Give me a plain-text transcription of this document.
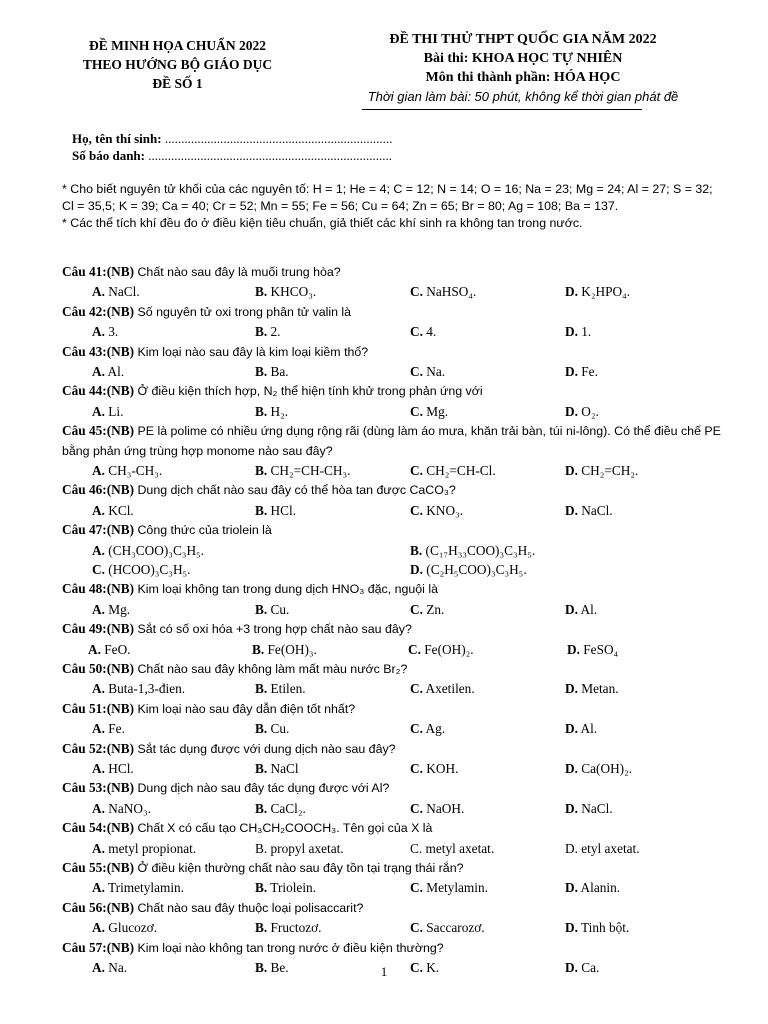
ĐỀ MINH HỌA CHUẨN 2022
THEO HƯỚNG BỘ GIÁO DỤC
ĐỀ SỐ 1
ĐỀ THI THỬ THPT QUỐC GIA NĂM 2022
Bài thi: KHOA HỌC TỰ NHIÊN
Môn thi thành phần: HÓA HỌC
Thời gian làm bài: 50 phút, không kể thời gian phát đề
Họ, tên thí sinh: ......................................................................
Số báo danh: ...........................................................................
* Cho biết nguyên tử khối của các nguyên tố: H = 1; He = 4; C = 12; N = 14; O = 16; Na = 23; Mg = 24; Al = 27; S = 32; Cl = 35,5; K = 39; Ca = 40; Cr = 52; Mn = 55; Fe = 56; Cu = 64; Zn = 65; Br = 80; Ag = 108; Ba = 137.
* Các thể tích khí đều đo ở điều kiện tiêu chuẩn, giả thiết các khí sinh ra không tan trong nước.
Câu 41:(NB) Chất nào sau đây là muối trung hòa?
A. NaCl.	B. KHCO₃.	C. NaHSO₄.	D. K₂HPO₄.
Câu 42:(NB) Số nguyên tử oxi trong phân tử valin là
A. 3.	B. 2.	C. 4.	D. 1.
Câu 43:(NB) Kim loại nào sau đây là kim loại kiềm thổ?
A. Al.	B. Ba.	C. Na.	D. Fe.
Câu 44:(NB) Ở điều kiện thích hợp, N₂ thể hiện tính khử trong phản ứng với
A. Li.	B. H₂.	C. Mg.	D. O₂.
Câu 45:(NB) PE là polime có nhiều ứng dụng rộng rãi (dùng làm áo mưa, khăn trải bàn, túi ni-lông). Có thể điều chế PE bằng phản ứng trùng hợp monome nào sau đây?
A. CH₃-CH₃.	B. CH₂=CH-CH₃.	C. CH₂=CH-Cl.	D. CH₂=CH₂.
Câu 46:(NB) Dung dịch chất nào sau đây có thể hòa tan được CaCO₃?
A. KCl.	B. HCl.	C. KNO₃.	D. NaCl.
Câu 47:(NB) Công thức của triolein là
A. (CH₃COO)₃C₃H₅.	B. (C₁₇H₃₃COO)₃C₃H₅.
C. (HCOO)₃C₃H₅.	D. (C₂H₅COO)₃C₃H₅.
Câu 48:(NB) Kim loại không tan trong dung dịch HNO₃ đặc, nguội là
A. Mg.	B. Cu.	C. Zn.	D. Al.
Câu 49:(NB) Sắt có số oxi hóa +3 trong hợp chất nào sau đây?
A. FeO.	B. Fe(OH)₃.	C. Fe(OH)₂.	D. FeSO₄
Câu 50:(NB) Chất nào sau đây không làm mất màu nước Br₂?
A. Buta-1,3-đien.	B. Etilen.	C. Axetilen.	D. Metan.
Câu 51:(NB) Kim loại nào sau đây dẫn điện tốt nhất?
A. Fe.	B. Cu.	C. Ag.	D. Al.
Câu 52:(NB) Sắt tác dụng được với dung dịch nào sau đây?
A. HCl.	B. NaCl	C. KOH.	D. Ca(OH)₂.
Câu 53:(NB) Dung dịch nào sau đây tác dụng được với Al?
A. NaNO₃.	B. CaCl₂.	C. NaOH.	D. NaCl.
Câu 54:(NB) Chất X có cấu tạo CH₃CH₂COOCH₃. Tên gọi của X là
A. metyl propionat.	B. propyl axetat.	C. metyl axetat.	D. etyl axetat.
Câu 55:(NB) Ở điều kiện thường chất nào sau đây tồn tại trạng thái rắn?
A. Trimetylamin.	B. Triolein.	C. Metylamin.	D. Alanin.
Câu 56:(NB) Chất nào sau đây thuộc loại polisaccarit?
A. Glucozơ.	B. Fructozơ.	C. Saccarozơ.	D. Tinh bột.
Câu 57:(NB) Kim loại nào không tan trong nước ở điều kiện thường?
A. Na.	B. Be.	C. K.	D. Ca.
1
